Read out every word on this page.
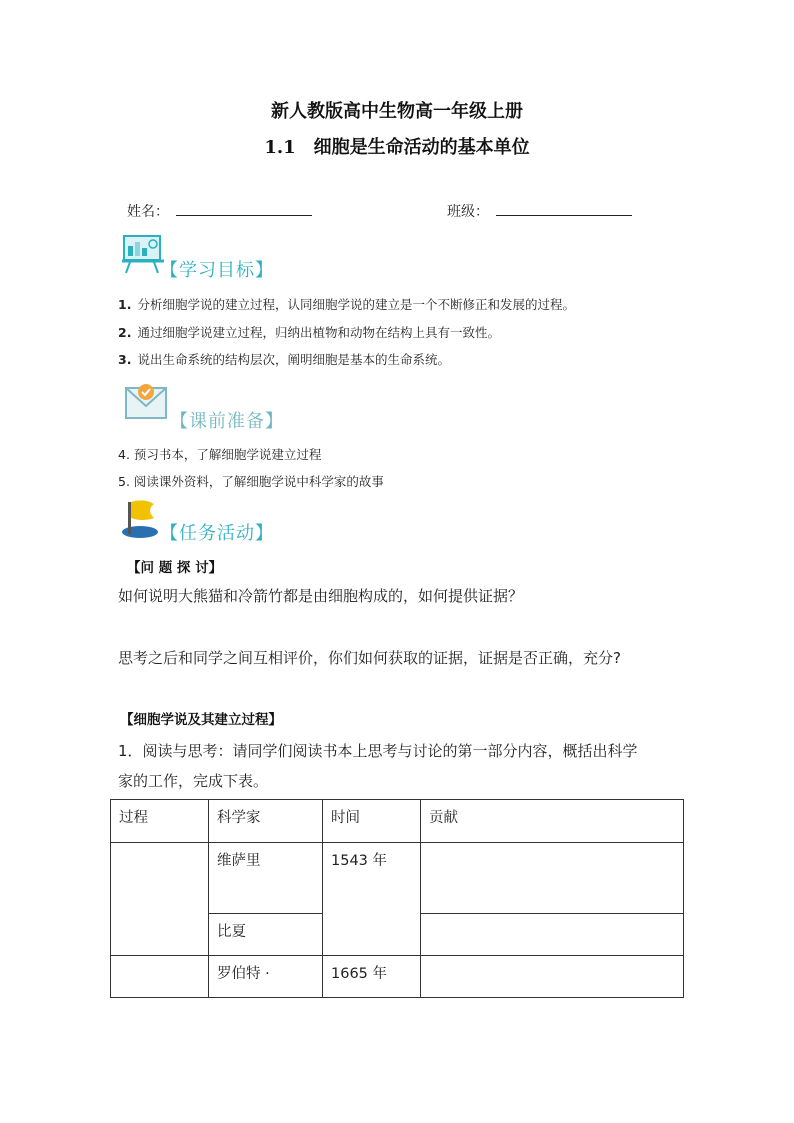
新人教版高中生物高一年级上册
1.1　细胞是生命活动的基本单位
姓名：	班级：
【学习目标】
1. 分析细胞学说的建立过程，认同细胞学说的建立是一个不断修正和发展的过程。
2. 通过细胞学说建立过程，归纳出植物和动物在结构上具有一致性。
3. 说出生命系统的结构层次，阐明细胞是基本的生命系统。
【课前准备】
4. 预习书本，了解细胞学说建立过程
5. 阅读课外资料，了解细胞学说中科学家的故事
【任务活动】
【问 题 探 讨】
如何说明大熊猫和冷箭竹都是由细胞构成的，如何提供证据？
思考之后和同学之间互相评价，你们如何获取的证据，证据是否正确，充分?
【细胞学说及其建立过程】
1．阅读与思考：请同学们阅读书本上思考与讨论的第一部分内容，概括出科学
家的工作，完成下表。
过程	科学家	时间	贡献
	维萨里	1543 年	
	比夏		
	罗伯特 ·	1665 年	
